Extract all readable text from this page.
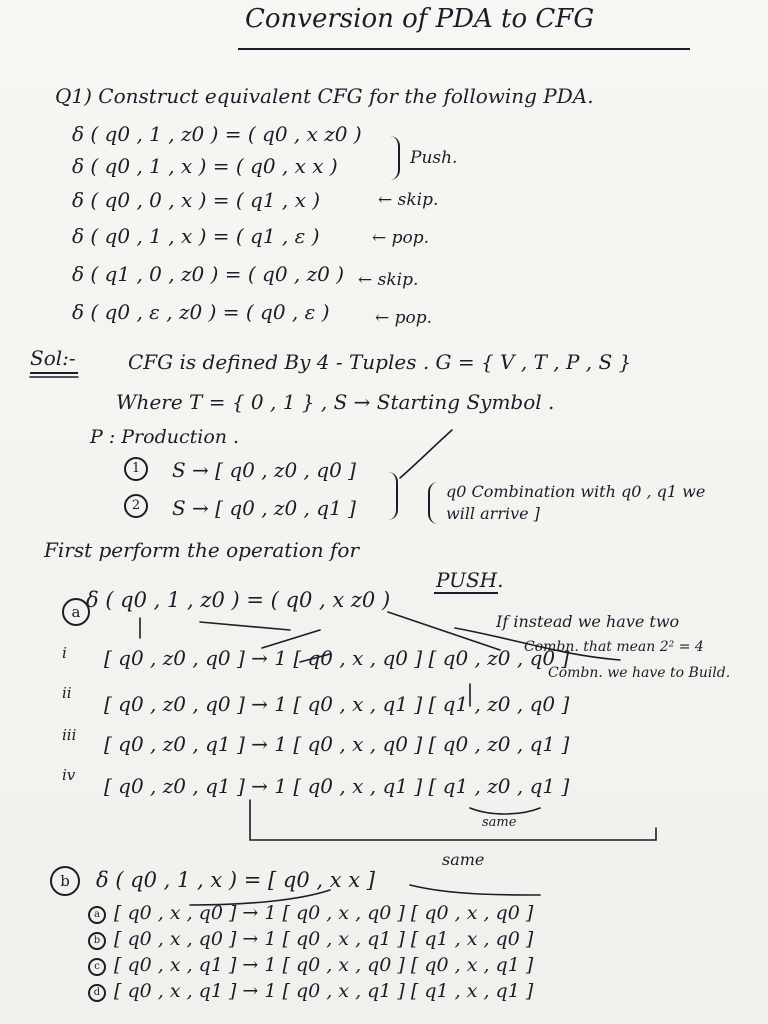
Conversion of PDA to CFG
Q1) Construct equivalent CFG for the following PDA.
δ ( q0 , 1 , z0 ) = ( q0 , x z0 )
δ ( q0 , 1 , x ) = ( q0 , x x )
δ ( q0 , 0 , x ) = ( q1 , x )
δ ( q0 , 1 , x ) = ( q1 , ε )
δ ( q1 , 0 , z0 ) = ( q0 , z0 )
δ ( q0 , ε , z0 ) = ( q0 , ε )
Push.
← skip.
← pop.
← skip.
← pop.
Sol:-	CFG is defined By 4 - Tuples . G = { V , T , P , S }
Where T = { 0 , 1 } , S → Starting Symbol .
P : Production .
1	S → [ q0 , z0 , q0 ]
2	S → [ q0 , z0 , q1 ]
q0 Combination with q0 , q1 we
will arrive ]
First perform the operation for
PUSH.
a δ ( q0 , 1 , z0 ) = ( q0 , x z0 )
If instead we have two
Combn. that mean 2² = 4
Combn. we have to Build.
i [ q0 , z0 , q0 ] → 1 [ q0 , x , q0 ] [ q0 , z0 , q0 ]
ii [ q0 , z0 , q0 ] → 1 [ q0 , x , q1 ] [ q1 , z0 , q0 ]
iii [ q0 , z0 , q1 ] → 1 [ q0 , x , q0 ] [ q0 , z0 , q1 ]
iv [ q0 , z0 , q1 ] → 1 [ q0 , x , q1 ] [ q1 , z0 , q1 ]
same
same
b	δ ( q0 , 1 , x ) = [ q0 , x x ]
a [ q0 , x , q0 ] → 1 [ q0 , x , q0 ] [ q0 , x , q0 ]
b [ q0 , x , q0 ] → 1 [ q0 , x , q1 ] [ q1 , x , q0 ]
c [ q0 , x , q1 ] → 1 [ q0 , x , q0 ] [ q0 , x , q1 ]
d [ q0 , x , q1 ] → 1 [ q0 , x , q1 ] [ q1 , x , q1 ]
